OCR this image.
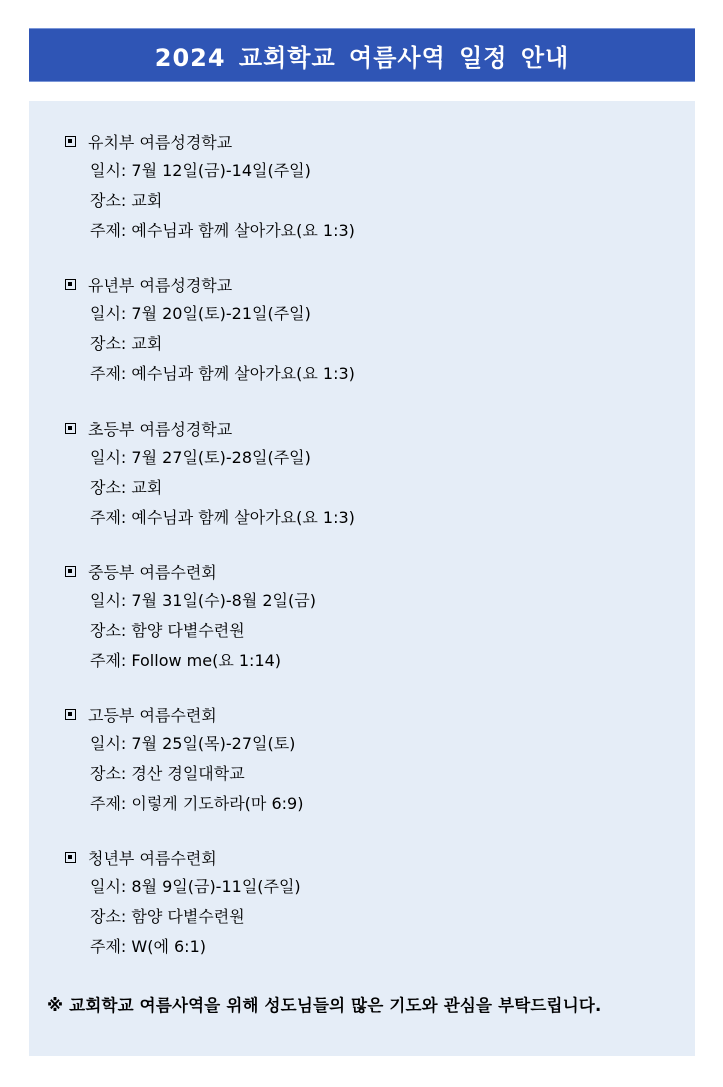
2024 교회학교 여름사역 일정 안내
유치부 여름성경학교
일시: 7월 12일(금)-14일(주일)
장소: 교회
주제: 예수님과 함께 살아가요(요 1:3)
유년부 여름성경학교
일시: 7월 20일(토)-21일(주일)
장소: 교회
주제: 예수님과 함께 살아가요(요 1:3)
초등부 여름성경학교
일시: 7월 27일(토)-28일(주일)
장소: 교회
주제: 예수님과 함께 살아가요(요 1:3)
중등부 여름수련회
일시: 7월 31일(수)-8월 2일(금)
장소: 함양 다볕수련원
주제: Follow me(요 1:14)
고등부 여름수련회
일시: 7월 25일(목)-27일(토)
장소: 경산 경일대학교
주제: 이렇게 기도하라(마 6:9)
청년부 여름수련회
일시: 8월 9일(금)-11일(주일)
장소: 함양 다볕수련원
주제: W(에 6:1)
※ 교회학교 여름사역을 위해 성도님들의 많은 기도와 관심을 부탁드립니다.
